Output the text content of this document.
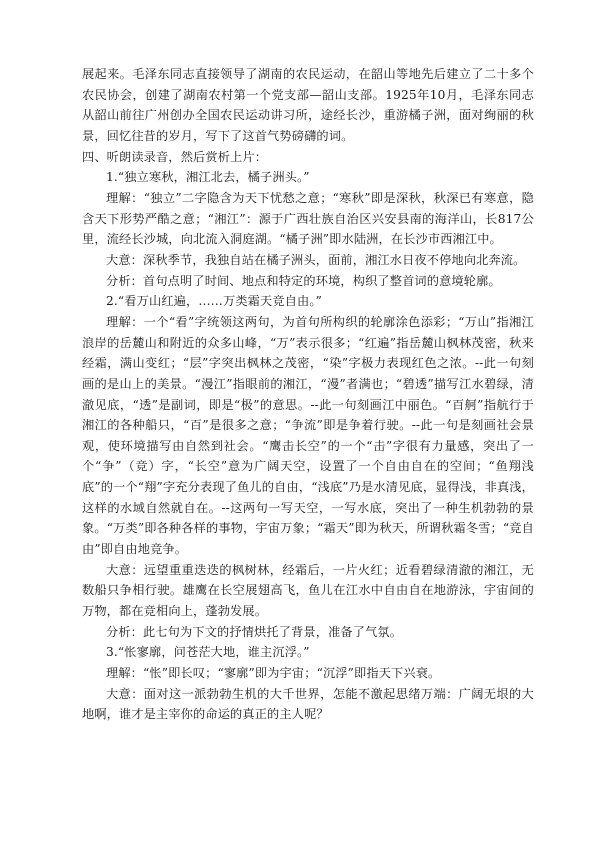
展起来。毛泽东同志直接领导了湖南的农民运动，在韶山等地先后建立了二十多个农民协会，创建了湖南农村第一个党支部—韶山支部。1925年10月，毛泽东同志从韶山前往广州创办全国农民运动讲习所，途经长沙，重游橘子洲，面对绚丽的秋景，回忆往昔的岁月，写下了这首气势磅礴的词。

四、听朗读录音，然后赏析上片：

1.“独立寒秋，湘江北去，橘子洲头。”

理解：“独立”二字隐含为天下忧愁之意；“寒秋”即是深秋，秋深已有寒意，隐含天下形势严酷之意；“湘江”：源于广西壮族自治区兴安县南的海洋山，长817公里，流经长沙城，向北流入洞庭湖。“橘子洲”即水陆洲，在长沙市西湘江中。

大意：深秋季节，我独自站在橘子洲头，面前，湘江水日夜不停地向北奔流。

分析：首句点明了时间、地点和特定的环境，构织了整首词的意境轮廓。

2.“看万山红遍，……万类霜天竞自由。”

理解：一个“看”字统领这两句，为首句所构织的轮廓涂色添彩；“万山”指湘江浪岸的岳麓山和附近的众多山峰，“万”表示很多；“红遍”指岳麓山枫林茂密，秋来经霜，满山变红；“层”字突出枫林之茂密，“染”字极力表现红色之浓。--此一句刻画的是山上的美景。“漫江”指眼前的湘江，“漫”者满也；“碧透”描写江水碧绿，清澈见底，“透”是副词，即是“极”的意思。--此一句刻画江中丽色。“百舸”指航行于湘江的各种船只，“百”是很多之意；“争流”即是争着行驶。--此一句是刻画社会景观，使环境描写由自然到社会。“鹰击长空”的一个“击”字很有力量感，突出了一个“争”（竞）字，“长空”意为广阔天空，设置了一个自由自在的空间；“鱼翔浅底”的一个“翔”字充分表现了鱼儿的自由，“浅底”乃是水清见底，显得浅，非真浅，这样的水域自然就自在。--这两句一写天空，一写水底，突出了一种生机勃勃的景象。“万类”即各种各样的事物，宇宙万象；“霜天”即为秋天，所谓秋霜冬雪；“竞自由”即自由地竞争。

大意：远望重重迭迭的枫树林，经霜后，一片火红；近看碧绿清澈的湘江，无数船只争相行驶。雄鹰在长空展翅高飞，鱼儿在江水中自由自在地游泳，宇宙间的万物，都在竞相向上，蓬勃发展。

分析：此七句为下文的抒情烘托了背景，准备了气氛。

3.“怅寥廓，问苍茫大地，谁主沉浮。”

理解：“怅”即长叹；“寥廓”即为宇宙；“沉浮”即指天下兴衰。

大意：面对这一派勃勃生机的大千世界，怎能不激起思绪万端：广阔无垠的大地啊，谁才是主宰你的命运的真正的主人呢？
